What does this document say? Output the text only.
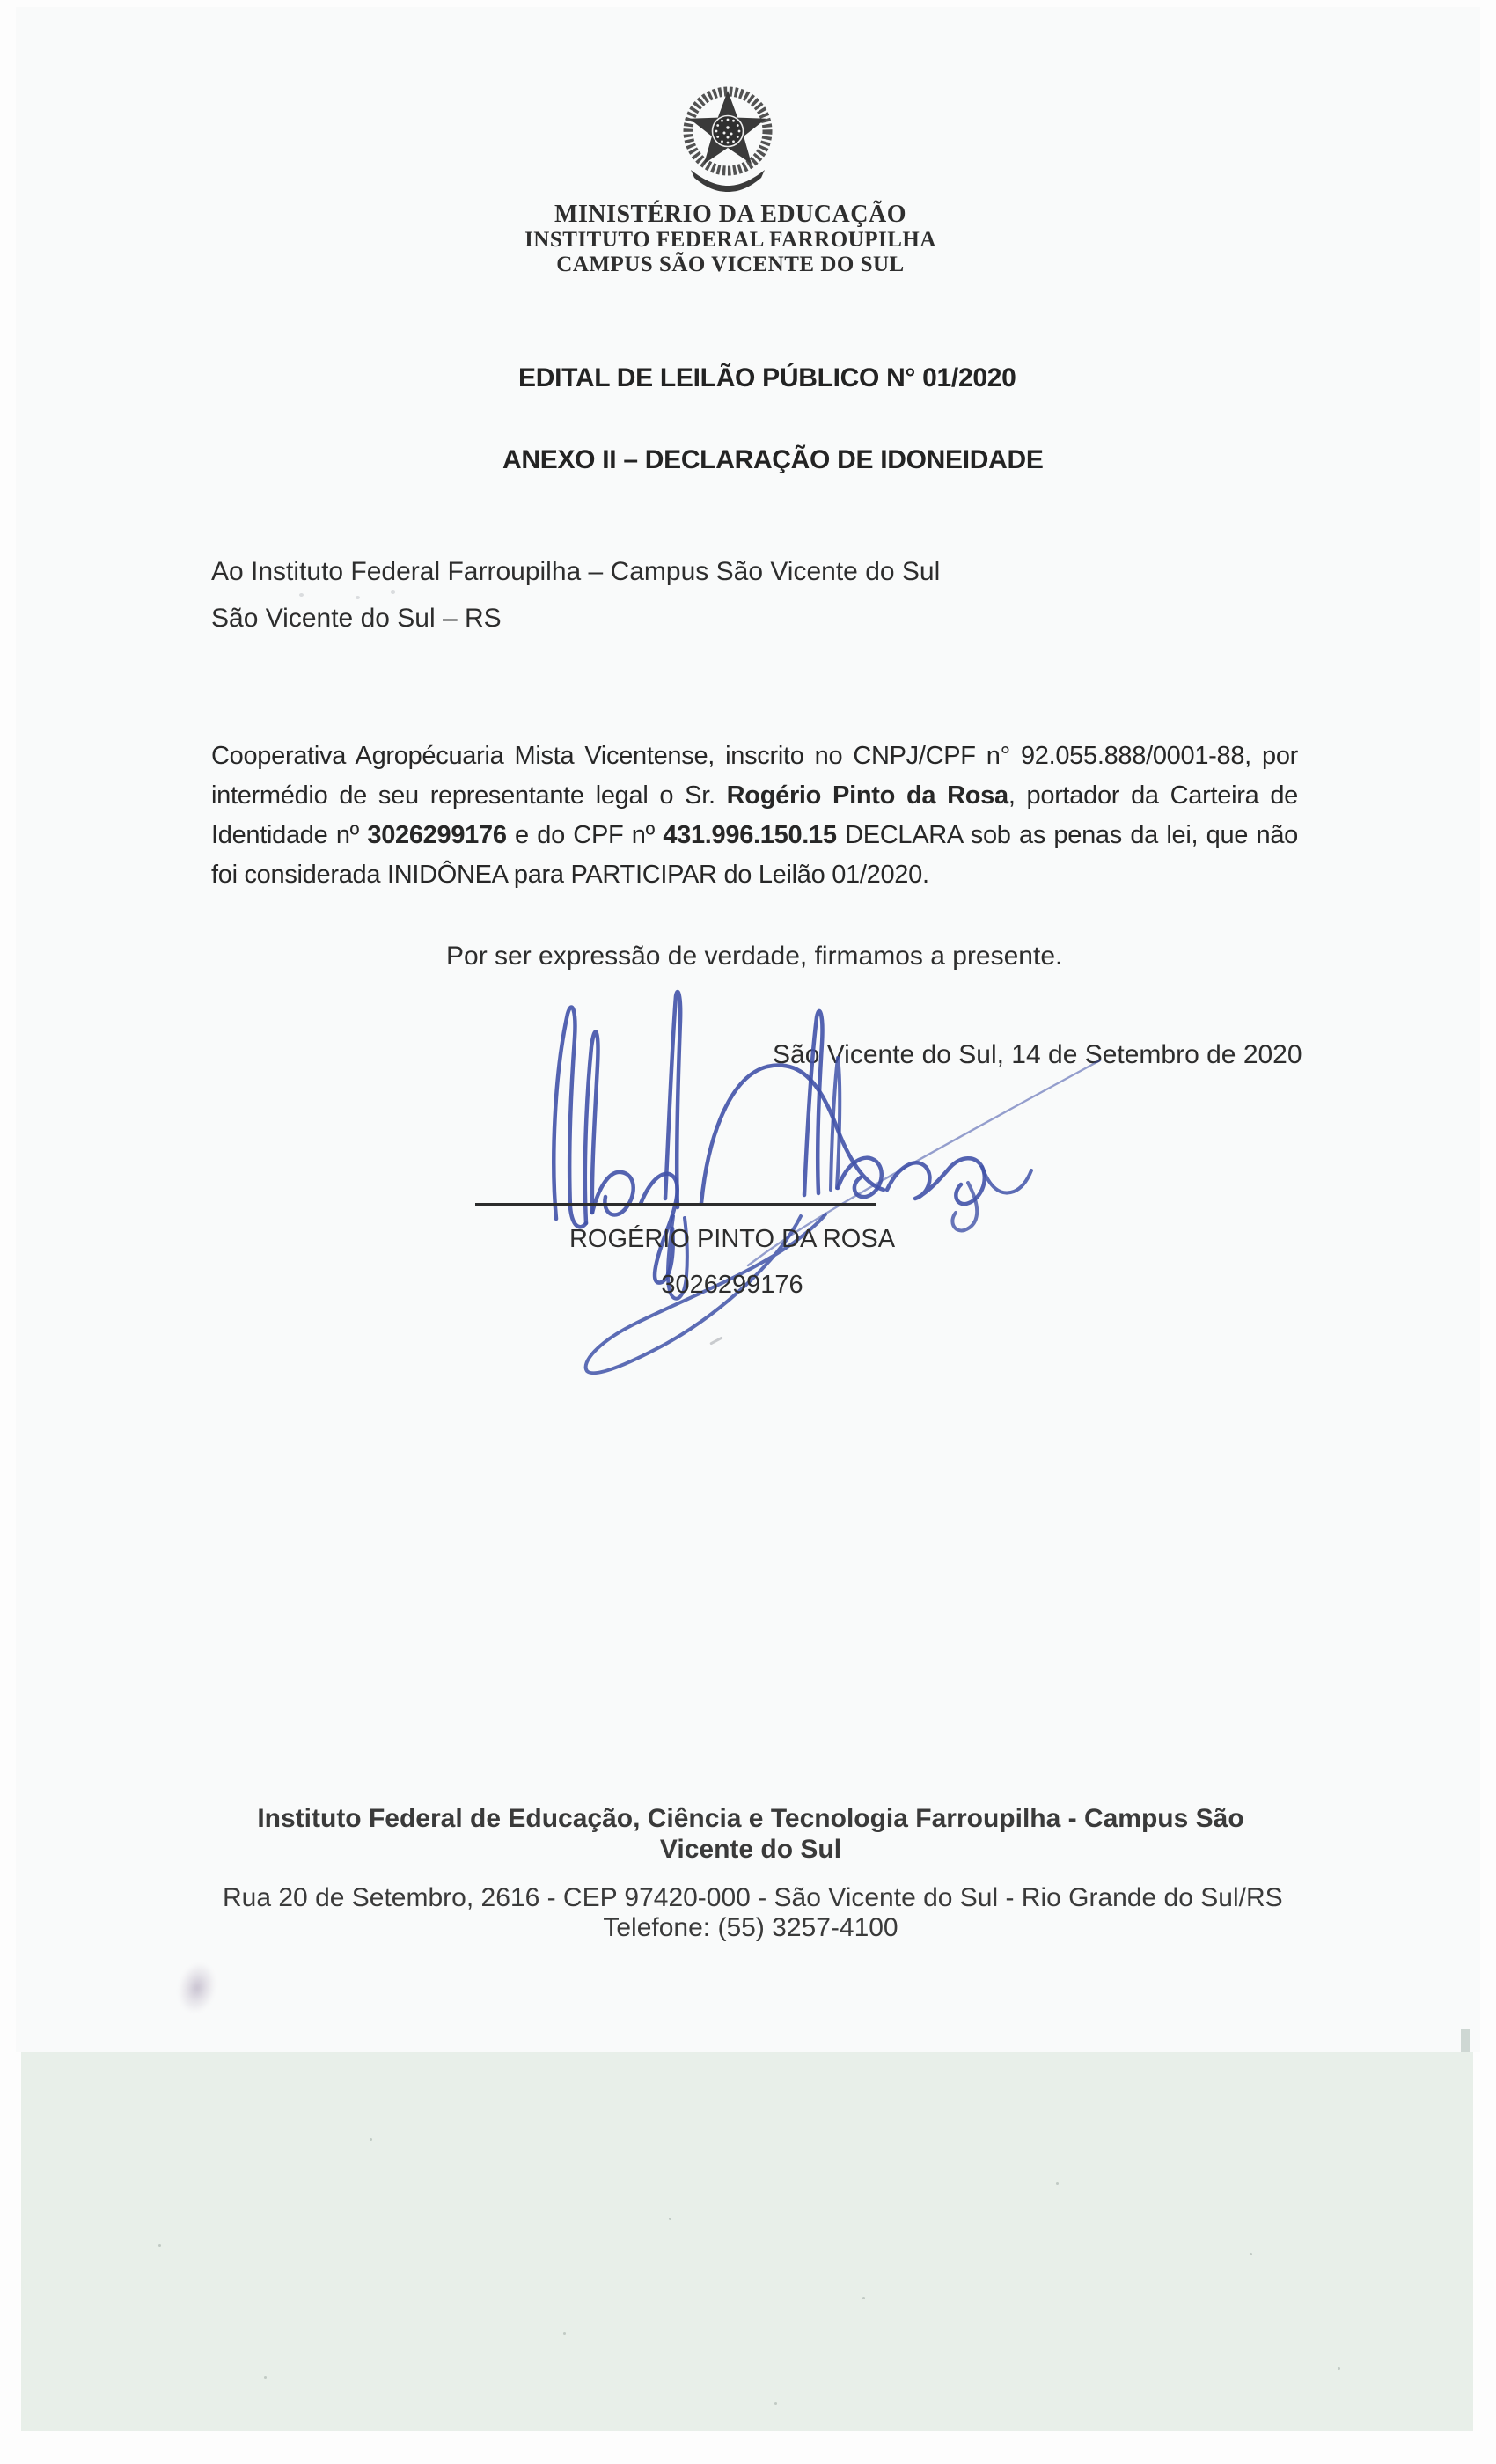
MINISTÉRIO DA EDUCAÇÃO
INSTITUTO FEDERAL FARROUPILHA
CAMPUS SÃO VICENTE DO SUL
EDITAL DE LEILÃO PÚBLICO N° 01/2020
ANEXO II – DECLARAÇÃO DE IDONEIDADE
Ao Instituto Federal Farroupilha – Campus São Vicente do Sul
São Vicente do Sul – RS
Cooperativa Agropécuaria Mista Vicentense, inscrito no CNPJ/CPF n° 92.055.888/0001-88, por
intermédio de seu representante legal o Sr. Rogério Pinto da Rosa, portador da Carteira de
Identidade nº 3026299176 e do CPF nº 431.996.150.15 DECLARA sob as penas da lei, que não
foi considerada INIDÔNEA para PARTICIPAR do Leilão 01/2020.
Por ser expressão de verdade, firmamos a presente.
São Vicente do Sul, 14 de Setembro de 2020
ROGÉRIO PINTO DA ROSA
3026299176
Instituto Federal de Educação, Ciência e Tecnologia Farroupilha - Campus São
Vicente do Sul
Rua 20 de Setembro, 2616 - CEP 97420-000 - São Vicente do Sul - Rio Grande do Sul/RS
Telefone: (55) 3257-4100
